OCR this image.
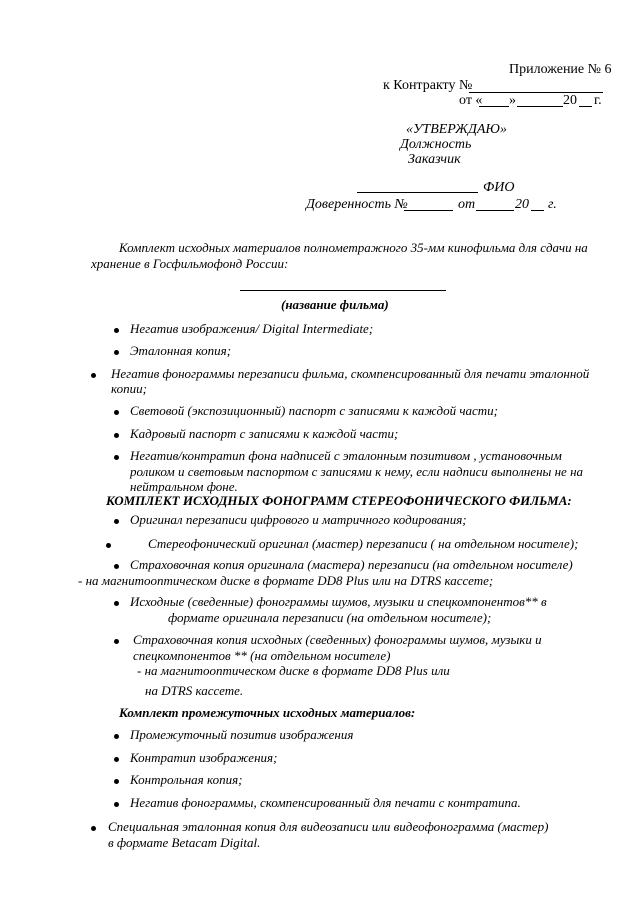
Приложение № 6
к Контракту №
от « »	20 г.
«УТВЕРЖДАЮ»
Должность
Заказчик
ФИО
Доверенность №	от	20 г.
Комплект исходных материалов полнометражного 35-мм кинофильма для сдачи на
хранение в Госфильмофонд России:
(название фильма)
Негатив изображения/ Digital Intermediate;
Эталонная копия;
Негатив фонограммы перезаписи фильма, скомпенсированный для печати эталонной
копии;
Световой (экспозиционный) паспорт с записями к каждой части;
Кадровый паспорт с записями к каждой части;
Негатив/контратип фона надписей с эталонным позитивом , установочным
роликом и световым паспортом с записями к нему, если надписи выполнены не на
нейтральном фоне.
КОМПЛЕКТ ИСХОДНЫХ ФОНОГРАММ СТЕРЕОФОНИЧЕСКОГО ФИЛЬМА:
Оригинал перезаписи цифрового и матричного кодирования;
Стереофонический оригинал (мастер) перезаписи ( на отдельном носителе);
Страховочная копия оригинала (мастера) перезаписи (на отдельном носителе)
- на магнитооптическом диске в формате DD8 Plus или на DTRS кассете;
Исходные (сведенные) фонограммы шумов, музыки и спецкомпонентов** в
формате оригинала перезаписи (на отдельном носителе);
Страховочная копия исходных (сведенных) фонограммы шумов, музыки и
спецкомпонентов ** (на отдельном носителе)
- на магнитооптическом диске в формате DD8 Plus или
на DTRS кассете.
Комплект промежуточных исходных материалов:
Промежуточный позитив изображения
Контратип изображения;
Контрольная копия;
Негатив фонограммы, скомпенсированный для печати с контратипа.
Специальная эталонная копия для видеозаписи или видеофонограмма (мастер)
в формате Betacam Digital.
